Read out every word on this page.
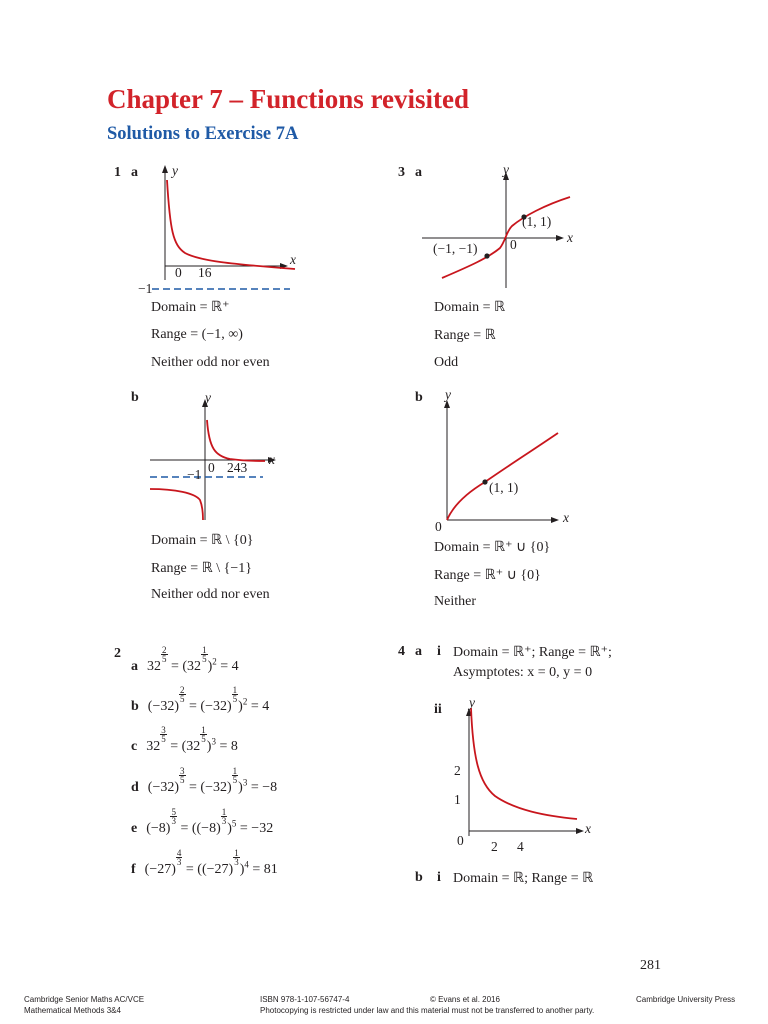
Chapter 7 – Functions revisited
Solutions to Exercise 7A
1 a	y
x
0 16
−1
Domain = ℝ⁺
Range = (−1, ∞)
Neither odd nor even
b	y
x
0 243
−1
Domain = ℝ \ {0}
Range = ℝ \ {−1}
Neither odd nor even
3 a	y
x
0
(1, 1)
(−1, −1)
Domain = ℝ
Range = ℝ
Odd
b y
x
0
(1, 1)
Domain = ℝ⁺ ∪ {0}
Range = ℝ⁺ ∪ {0}
Neither
2
a 32
$\frac{2}{5}$
= (32
$\frac{1}{5}$
)$^2$ = 4
b (−32)
$\frac{2}{5}$
= (−32)
$\frac{1}{5}$
)$^2$ = 4
c 32
$\frac{3}{5}$
= (32
$\frac{1}{5}$
)$^3$ = 8
d (−32)
$\frac{3}{5}$
= (−32)
$\frac{1}{5}$
)$^3$ = −8
e (−8)
$\frac{5}{3}$
= ((−8)
$\frac{1}{3}$
)$^5$ = −32
f (−27)
$\frac{4}{3}$
= ((−27)
$\frac{1}{3}$
)$^4$ = 81
4 a i Domain = ℝ⁺; Range = ℝ⁺;
Asymptotes: x = 0, y = 0
ii y
x
0
2
1
2 4
b i Domain = ℝ; Range = ℝ
281
Cambridge Senior Maths AC/VCE
Mathematical Methods 3&4
ISBN 978-1-107-56747-4	© Evans et al. 2016
Photocopying is restricted under law and this material must not be transferred to another party.
Cambridge University Press
